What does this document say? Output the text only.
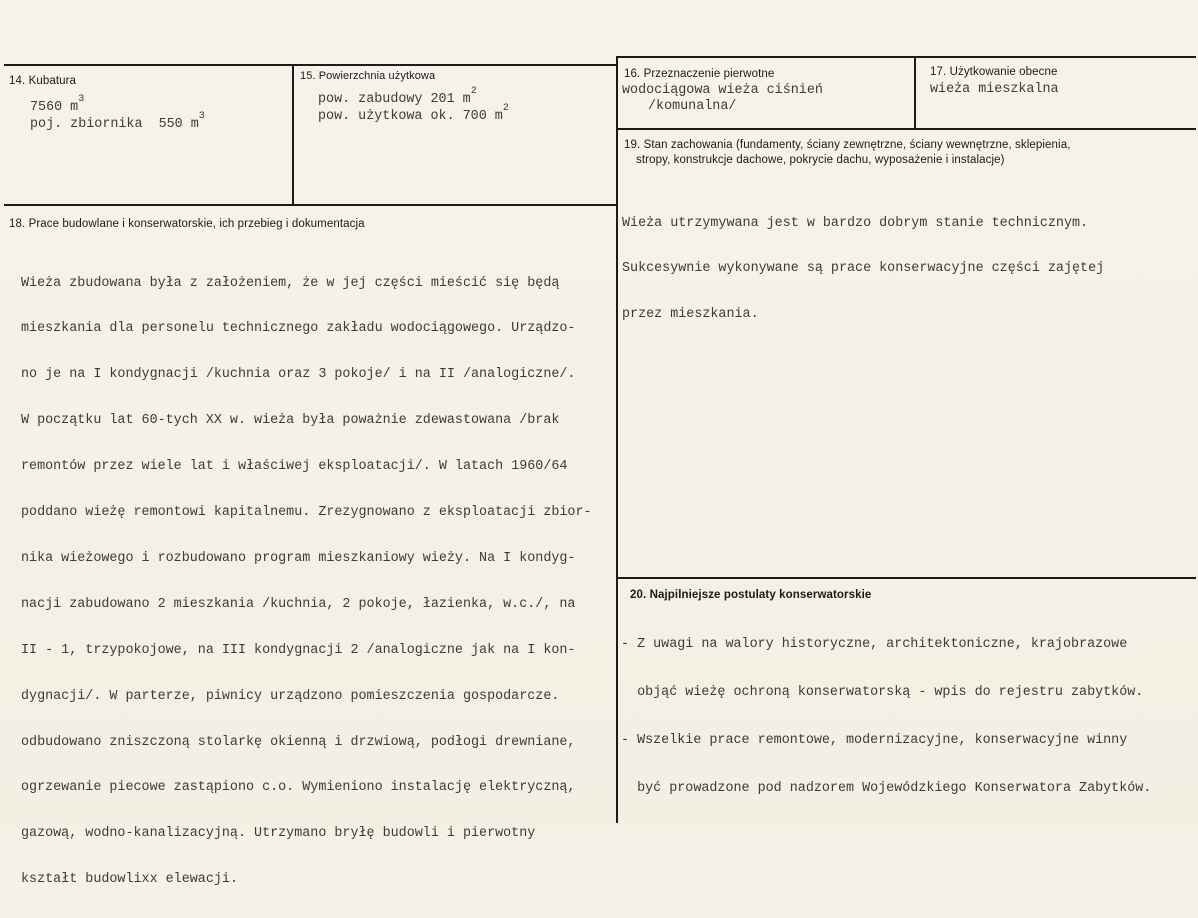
14. Kubatura
7560 $m^3$
poj. zbiornika  550 $m^3$
15. Powierzchnia użytkowa
pow. zabudowy 201 $m^2$
pow. użytkowa ok. 700 $m^2$
16. Przeznaczenie pierwotne
wodociągowa wieża ciśnień
/komunalna/
17. Użytkowanie obecne
wieża mieszkalna
18. Prace budowlane i konserwatorskie, ich przebieg i dokumentacja

Wieża zbudowana była z założeniem, że w jej części mieścić się będą

mieszkania dla personelu technicznego zakładu wodociągowego. Urządzo-

no je na I kondygnacji /kuchnia oraz 3 pokoje/ i na II /analogiczne/.

W początku lat 60-tych XX w. wieża była poważnie zdewastowana /brak

remontów przez wiele lat i właściwej eksploatacji/. W latach 1960/64

poddano wieżę remontowi kapitalnemu. Zrezygnowano z eksploatacji zbior-

nika wieżowego i rozbudowano program mieszkaniowy wieży. Na I kondyg-

nacji zabudowano 2 mieszkania /kuchnia, 2 pokoje, łazienka, w.c./, na

II - 1, trzypokojowe, na III kondygnacji 2 /analogiczne jak na I kon-

dygnacji/. W parterze, piwnicy urządzono pomieszczenia gospodarcze.

odbudowano zniszczoną stolarkę okienną i drzwiową, podłogi drewniane,

ogrzewanie piecowe zastąpiono c.o. Wymieniono instalację elektryczną,

gazową, wodno-kanalizacyjną. Utrzymano bryłę budowli i pierwotny

kształt budowlixx elewacji.

19. Stan zachowania (fundamenty, ściany zewnętrzne, ściany wewnętrzne, sklepienia,
stropy, konstrukcje dachowe, pokrycie dachu, wyposażenie i instalacje)

Wieża utrzymywana jest w bardzo dobrym stanie technicznym.

Sukcesywnie wykonywane są prace konserwacyjne części zajętej

przez mieszkania.

20. Najpilniejsze postulaty konserwatorskie

- Z uwagi na walory historyczne, architektoniczne, krajobrazowe

objąć wieżę ochroną konserwatorską - wpis do rejestru zabytków.

- Wszelkie prace remontowe, modernizacyjne, konserwacyjne winny

być prowadzone pod nadzorem Wojewódzkiego Konserwatora Zabytków.
